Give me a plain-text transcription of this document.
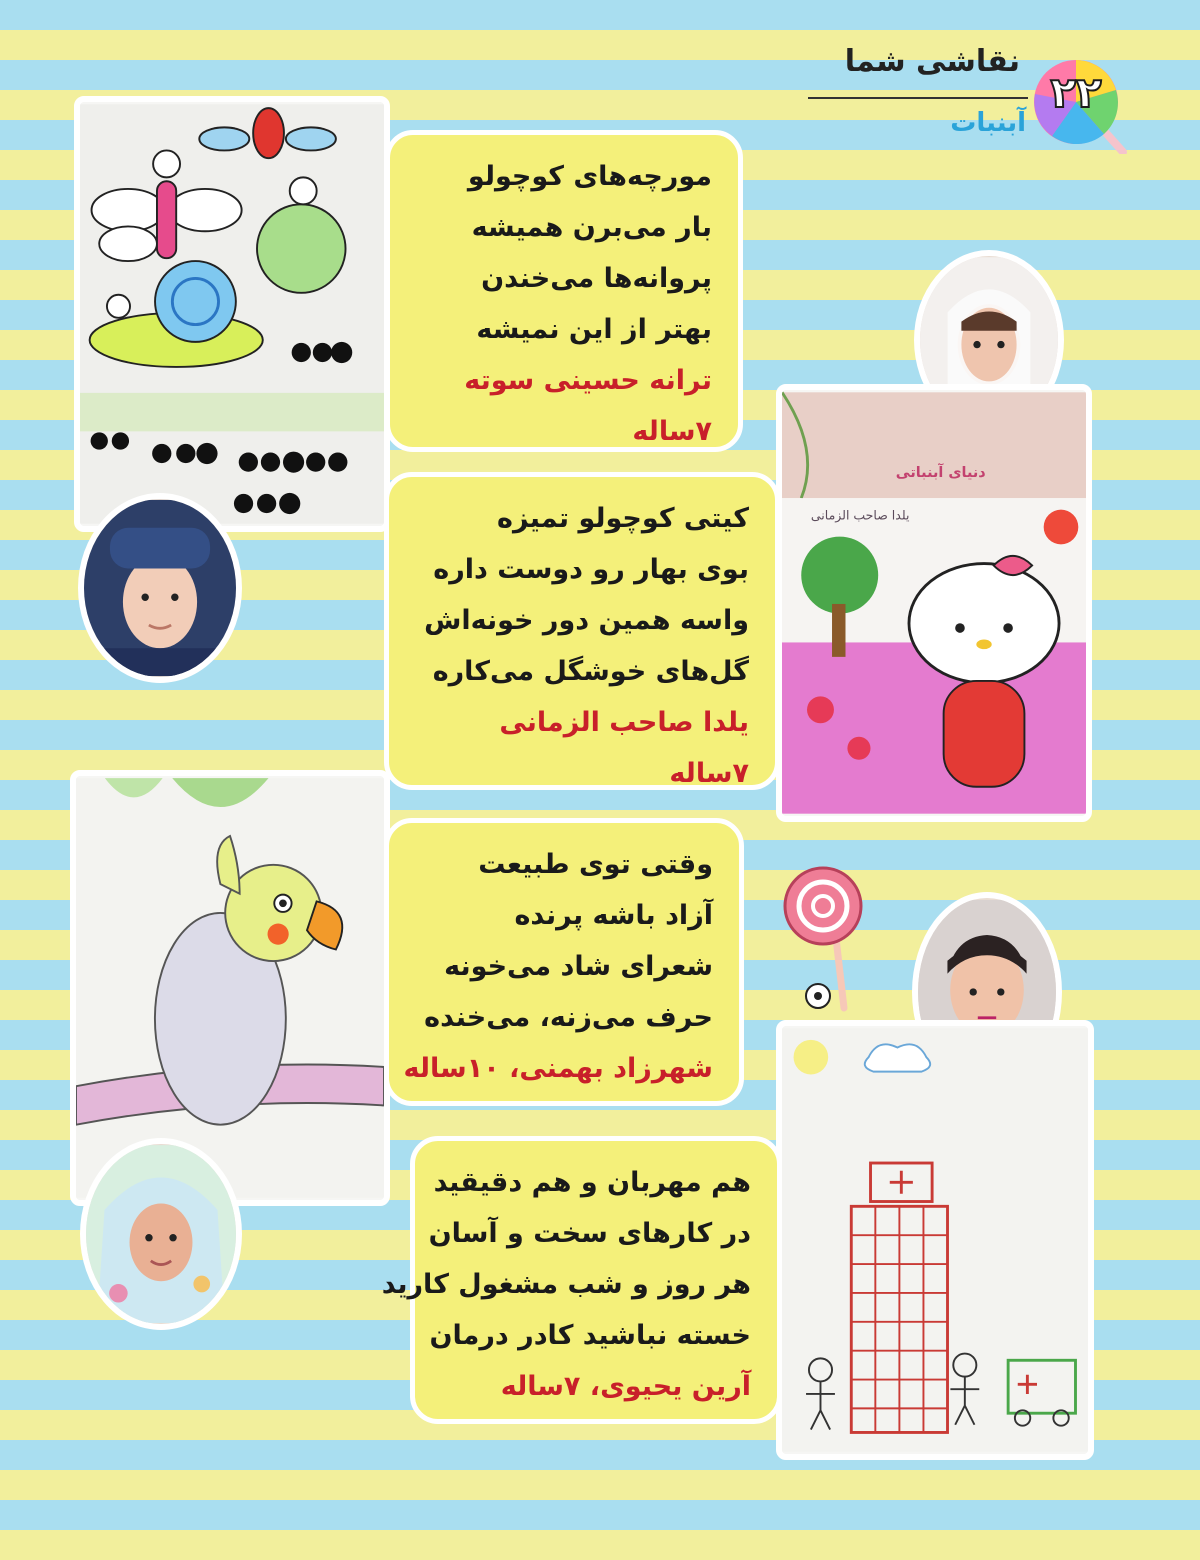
نقاشی شما
آبنبات
۲۲
مورچه‌های کوچولو
بار می‌برن همیشه
پروانه‌ها می‌خندن
بهتر از این نمیشه
ترانه حسینی سوته
۷ساله
دنیای آبنباتی
یلدا صاحب الزمانی
کیتی کوچولو تمیزه
بوی بهار رو دوست داره
واسه همین دور خونه‌اش
گل‌های خوشگل می‌کاره
یلدا صاحب الزمانی
۷ساله
وقتی توی طبیعت
آزاد باشه پرنده
شعرای شاد می‌خونه
حرف می‌زنه، می‌خنده
شهرزاد بهمنی، ۱۰ساله
هم مهربان و هم دقیقید
در کارهای سخت و آسان
هر روز و شب مشغول کارید
خسته نباشید کادر درمان
آرین یحیوی، ۷ساله
